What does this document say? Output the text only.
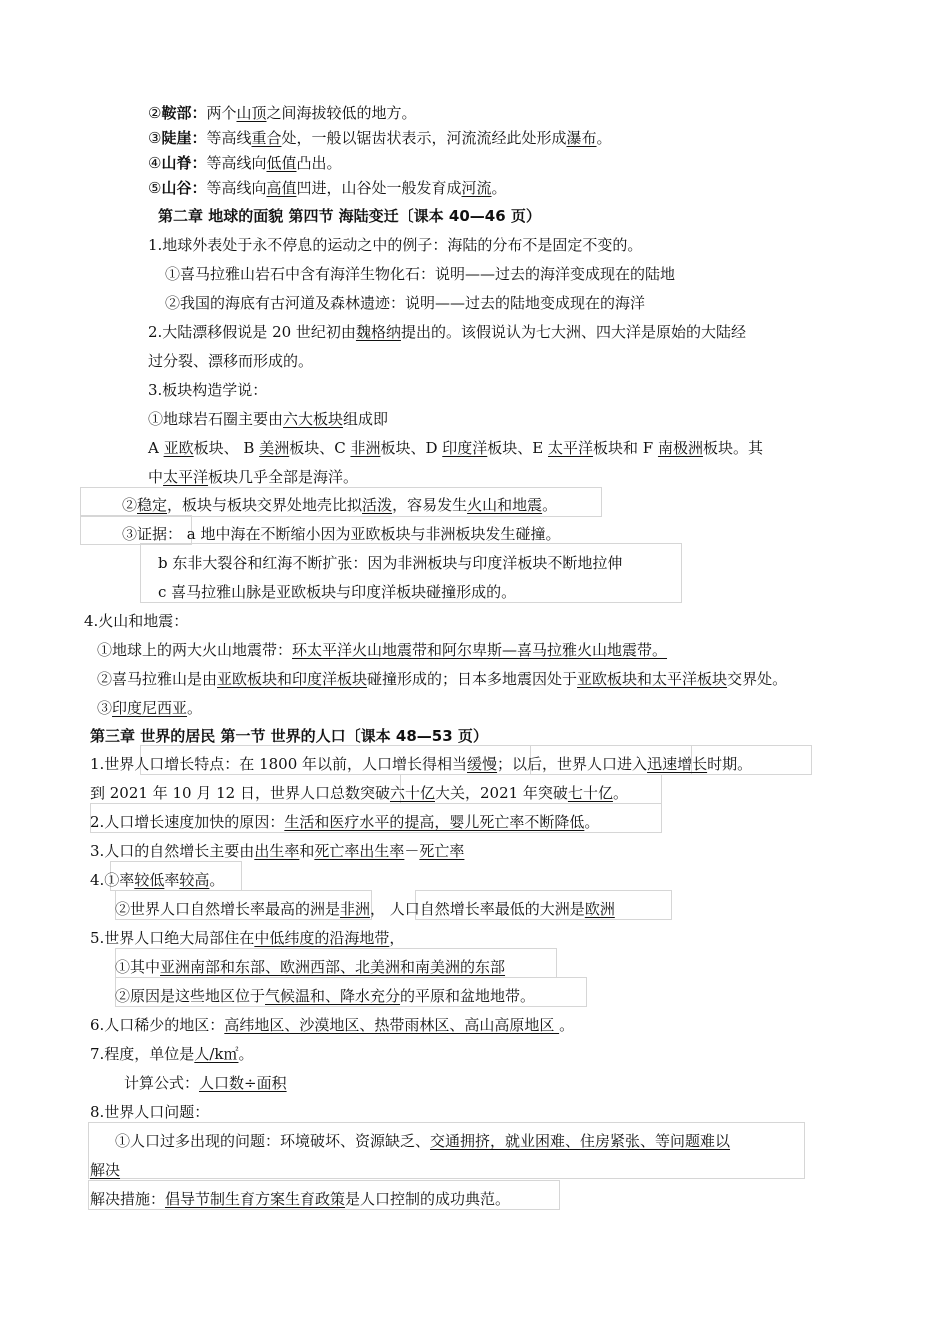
②鞍部：两个山顶之间海拔较低的地方。
③陡崖：等高线重合处，一般以锯齿状表示，河流流经此处形成瀑布。
④山脊：等高线向低值凸出。
⑤山谷：等高线向高值凹进，山谷处一般发育成河流。
第二章 地球的面貌 第四节 海陆变迁〔课本 40—46 页）
1.地球外表处于永不停息的运动之中的例子：海陆的分布不是固定不变的。
①喜马拉雅山岩石中含有海洋生物化石：说明——过去的海洋变成现在的陆地
②我国的海底有古河道及森林遗迹：说明——过去的陆地变成现在的海洋
2.大陆漂移假说是 20 世纪初由魏格纳提出的。该假说认为七大洲、四大洋是原始的大陆经
过分裂、漂移而形成的。
3.板块构造学说：
①地球岩石圈主要由六大板块组成即
A 亚欧板块、 B 美洲板块、C 非洲板块、D 印度洋板块、E 太平洋板块和 F 南极洲板块。其
中太平洋板块几乎全部是海洋。
②稳定，板块与板块交界处地壳比拟活泼，容易发生火山和地震。
③证据： a 地中海在不断缩小因为亚欧板块与非洲板块发生碰撞。
b 东非大裂谷和红海不断扩张：因为非洲板块与印度洋板块不断地拉伸
c 喜马拉雅山脉是亚欧板块与印度洋板块碰撞形成的。
4.火山和地震：
①地球上的两大火山地震带：环太平洋火山地震带和阿尔卑斯—喜马拉雅火山地震带。
②喜马拉雅山是由亚欧板块和印度洋板块碰撞形成的；日本多地震因处于亚欧板块和太平洋板块交界处。
③印度尼西亚。
第三章 世界的居民 第一节 世界的人口〔课本 48—53 页）
1.世界人口增长特点：在 1800 年以前，人口增长得相当缓慢；以后，世界人口进入迅速增长时期。
到 2021 年 10 月 12 日，世界人口总数突破六十亿大关，2021 年突破七十亿。
2.人口增长速度加快的原因：生活和医疗水平的提高，婴儿死亡率不断降低。
3.人口的自然增长主要由出生率和死亡率出生率－死亡率
4.①率较低率较高。
②世界人口自然增长率最高的洲是非洲， 人口自然增长率最低的大洲是欧洲
5.世界人口绝大局部住在中低纬度的沿海地带，
①其中亚洲南部和东部、欧洲西部、北美洲和南美洲的东部
②原因是这些地区位于气候温和、降水充分的平原和盆地地带。
6.人口稀少的地区：高纬地区、沙漠地区、热带雨林区、高山高原地区 。
7.程度，单位是人/k㎡。
计算公式：人口数÷面积
8.世界人口问题：
①人口过多出现的问题：环境破坏、资源缺乏、交通拥挤，就业困难、住房紧张、等问题难以
解决
解决措施：倡导节制生育方案生育政策是人口控制的成功典范。
